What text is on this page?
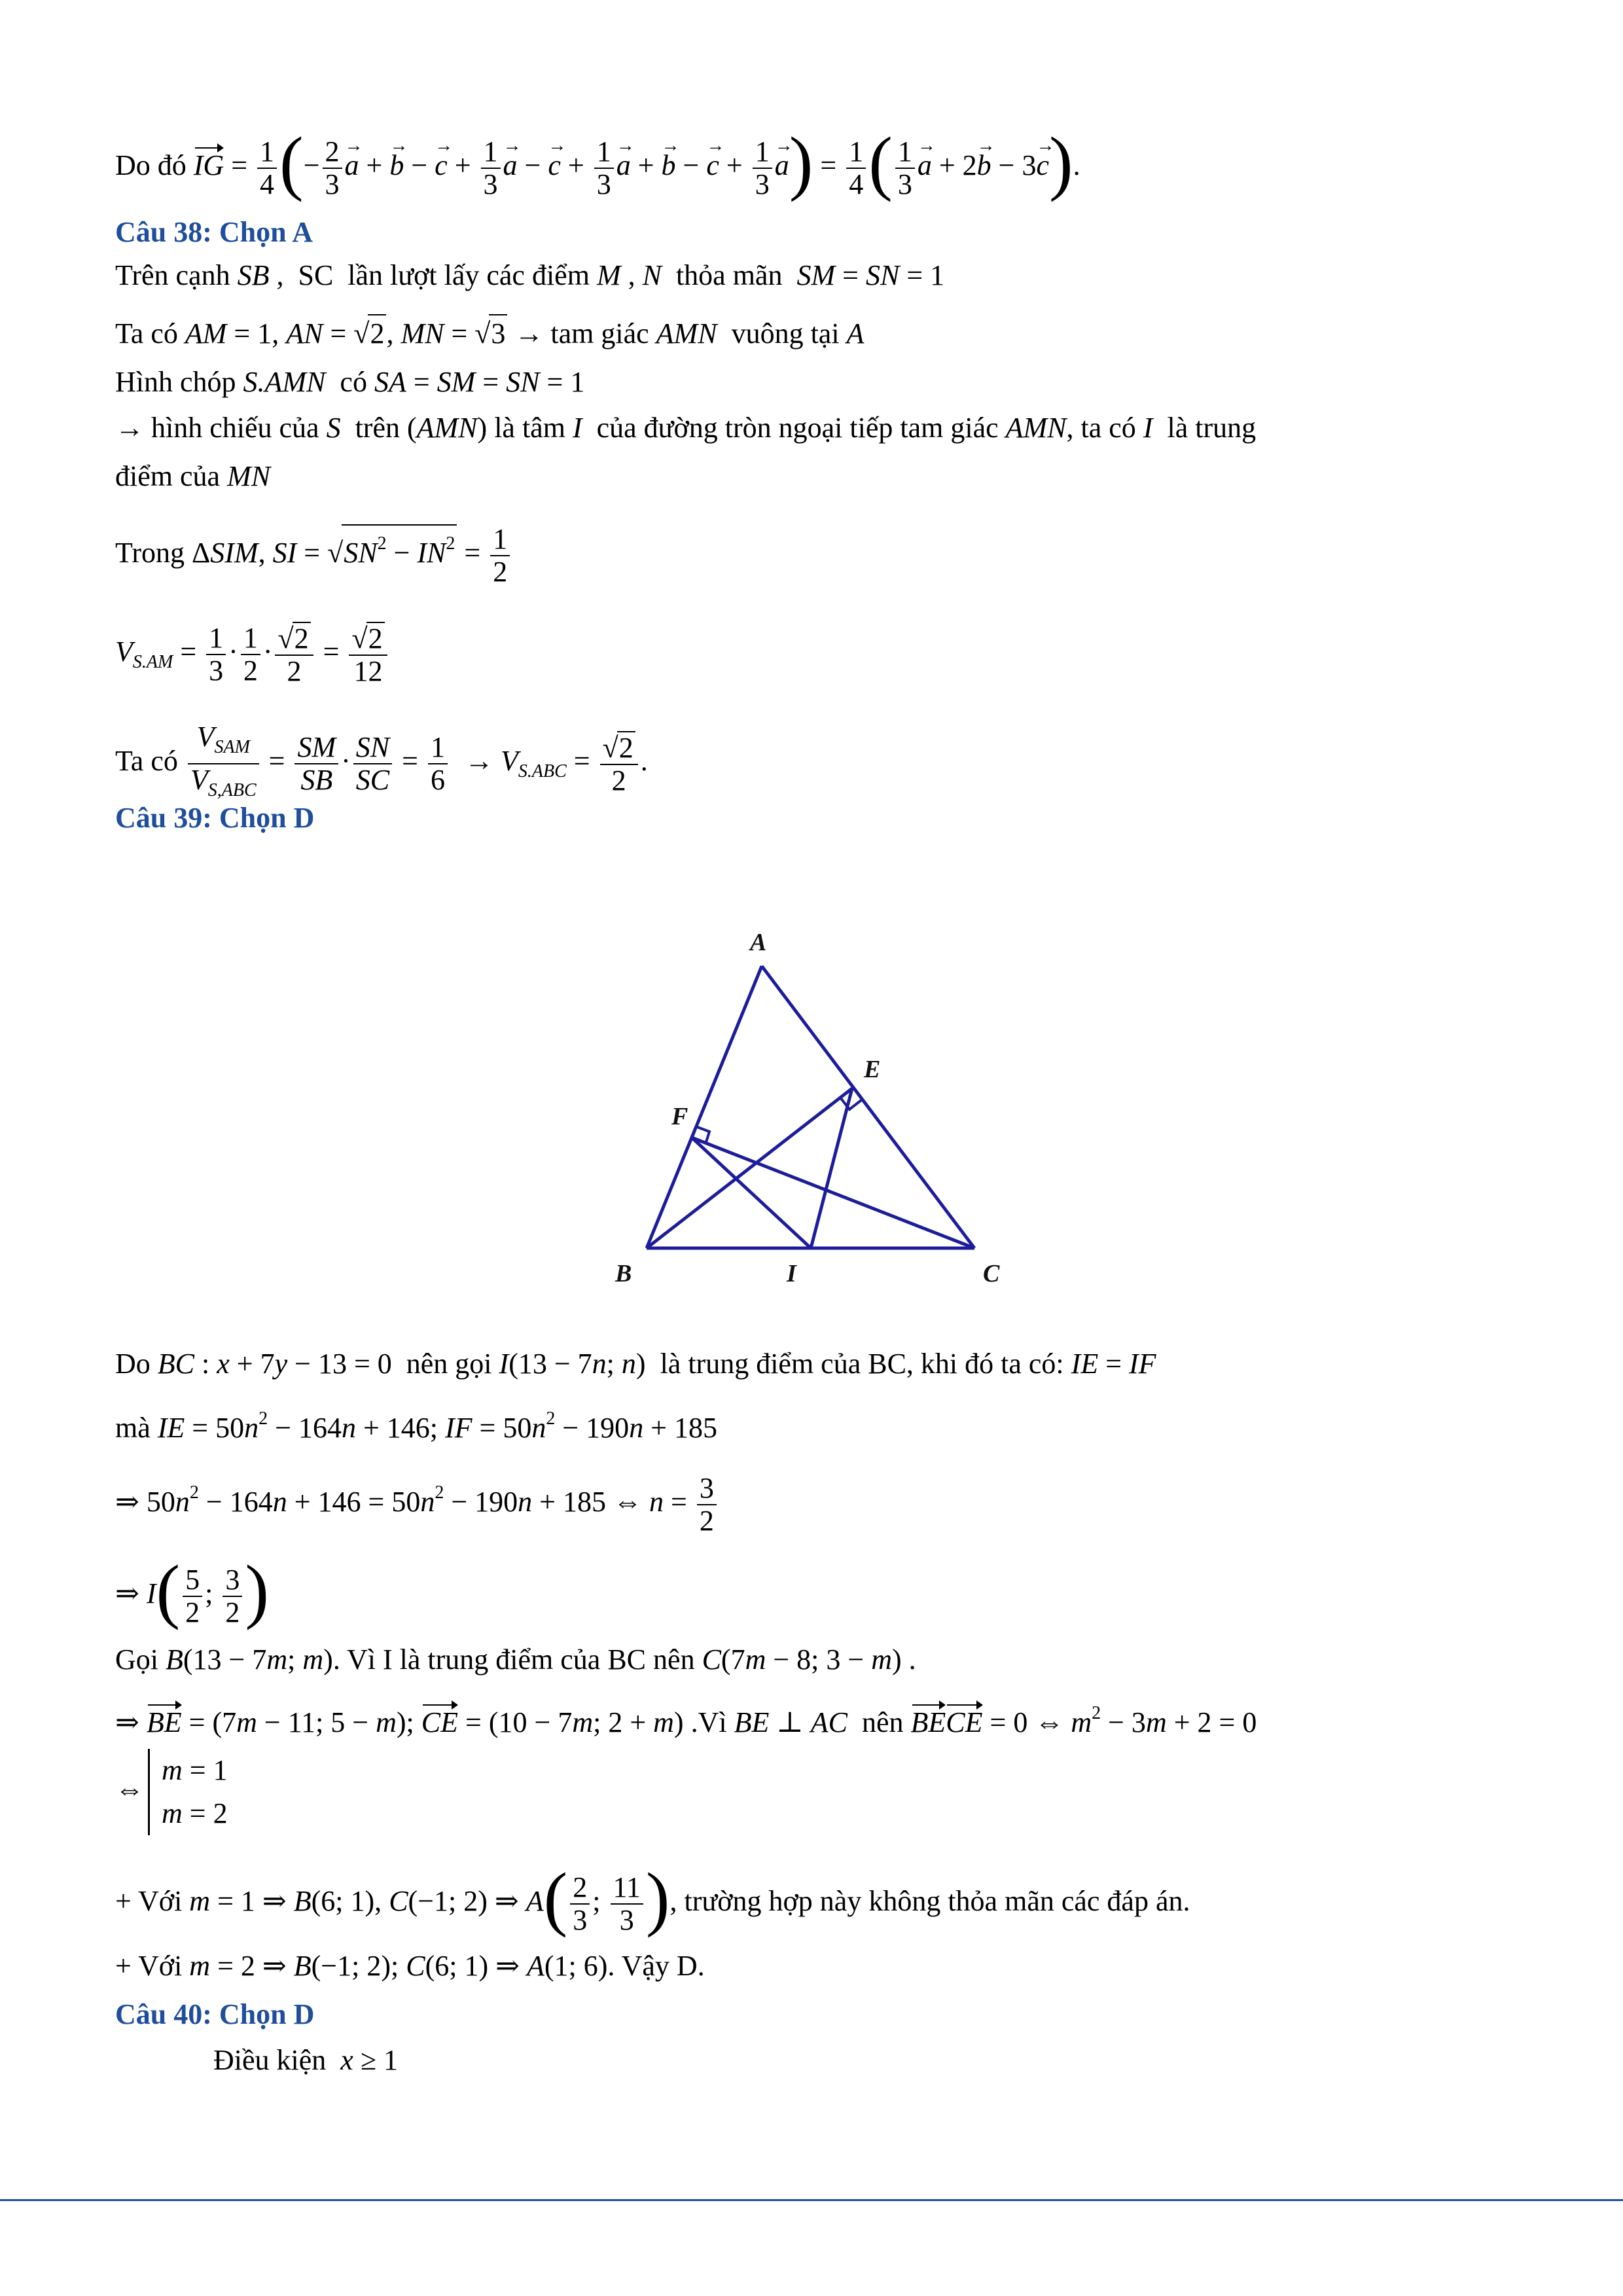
Do đó IG = $\frac{1}{4}$ (− $\frac{2}{3}$
→ a + → b − → $c + \frac{1}{3}$
→ a − → $c + \frac{1}{3}$
→ a + → b − → $c + \frac{1}{3}$
→ $a) = \frac{1}{4}$ ( $\frac{1}{3}$
→ a + 2→ b − 3→ c).
Câu 38: Chọn A
Trên cạnh SB ,  SC lần lượt lấy các điểm M , N thỏa mãn SM = SN = 1
Ta có AM = 1, AN = √2, MN = √3 → tam giác AMN vuông tại A
Hình chóp S.AMN có SA = SM = SN = 1
→ hình chiếu của S trên (AMN) là tâm I của đường tròn ngoại tiếp tam giác AMN, ta có I là trung
điểm của MN
Trong ΔSIM, SI = $√SN^2 - IN^2 = \frac{1}{2}$
$V_{S.AM} = \frac{1}{3} \cdot \frac{1}{2} \cdot \frac{√2}{2} = \frac{√2}{12}$
Ta có $\frac{V_{SAM}}{V_{S,ABC}} = \frac{SM}{SB} \cdot \frac{SN}{SC} = \frac{1}{6} \to V_{S.ABC} = \frac{√2}{2}$ .
Câu 39: Chọn D
A
E
F
B	I	C
Do BC : x + 7y − 13 = 0  nên gọi I(13 − 7n; n)  là trung điểm của BC, khi đó ta có: IE = IF
mà IE = $50n^2 - 164n + 146$; IF = $50n^2 - 190n + 185$
⇒ $50n^2 - 164n + 146 = 50n^2 - 190n + 185$ ⇔ $n = \frac{3}{2}$
⇒ $I( \frac{5}{2}$ ; $\frac{3}{2}$ )
Gọi B(13 − 7m; m). Vì I là trung điểm của BC nên C(7m − 8; 3 − m) .
⇒ BE = (7m − 11; 5 − m); CE = (10 − 7m; 2 + m) .Vì BE ⊥ AC nên BECE = 0 ⇔ $m^2 - 3m + 2 = 0$
⇔m = 1
m = 2
+ Với m = 1 ⇒ B(6; 1), C(−1; 2) ⇒ $A( \frac{2}{3}$ ; $\frac{11}{3}$ ), trường hợp này không thỏa mãn các đáp án.
+ Với m = 2 ⇒ B(−1; 2); C(6; 1) ⇒ A(1; 6). Vậy D.
Câu 40: Chọn D
Điều kiện x ≥ 1
